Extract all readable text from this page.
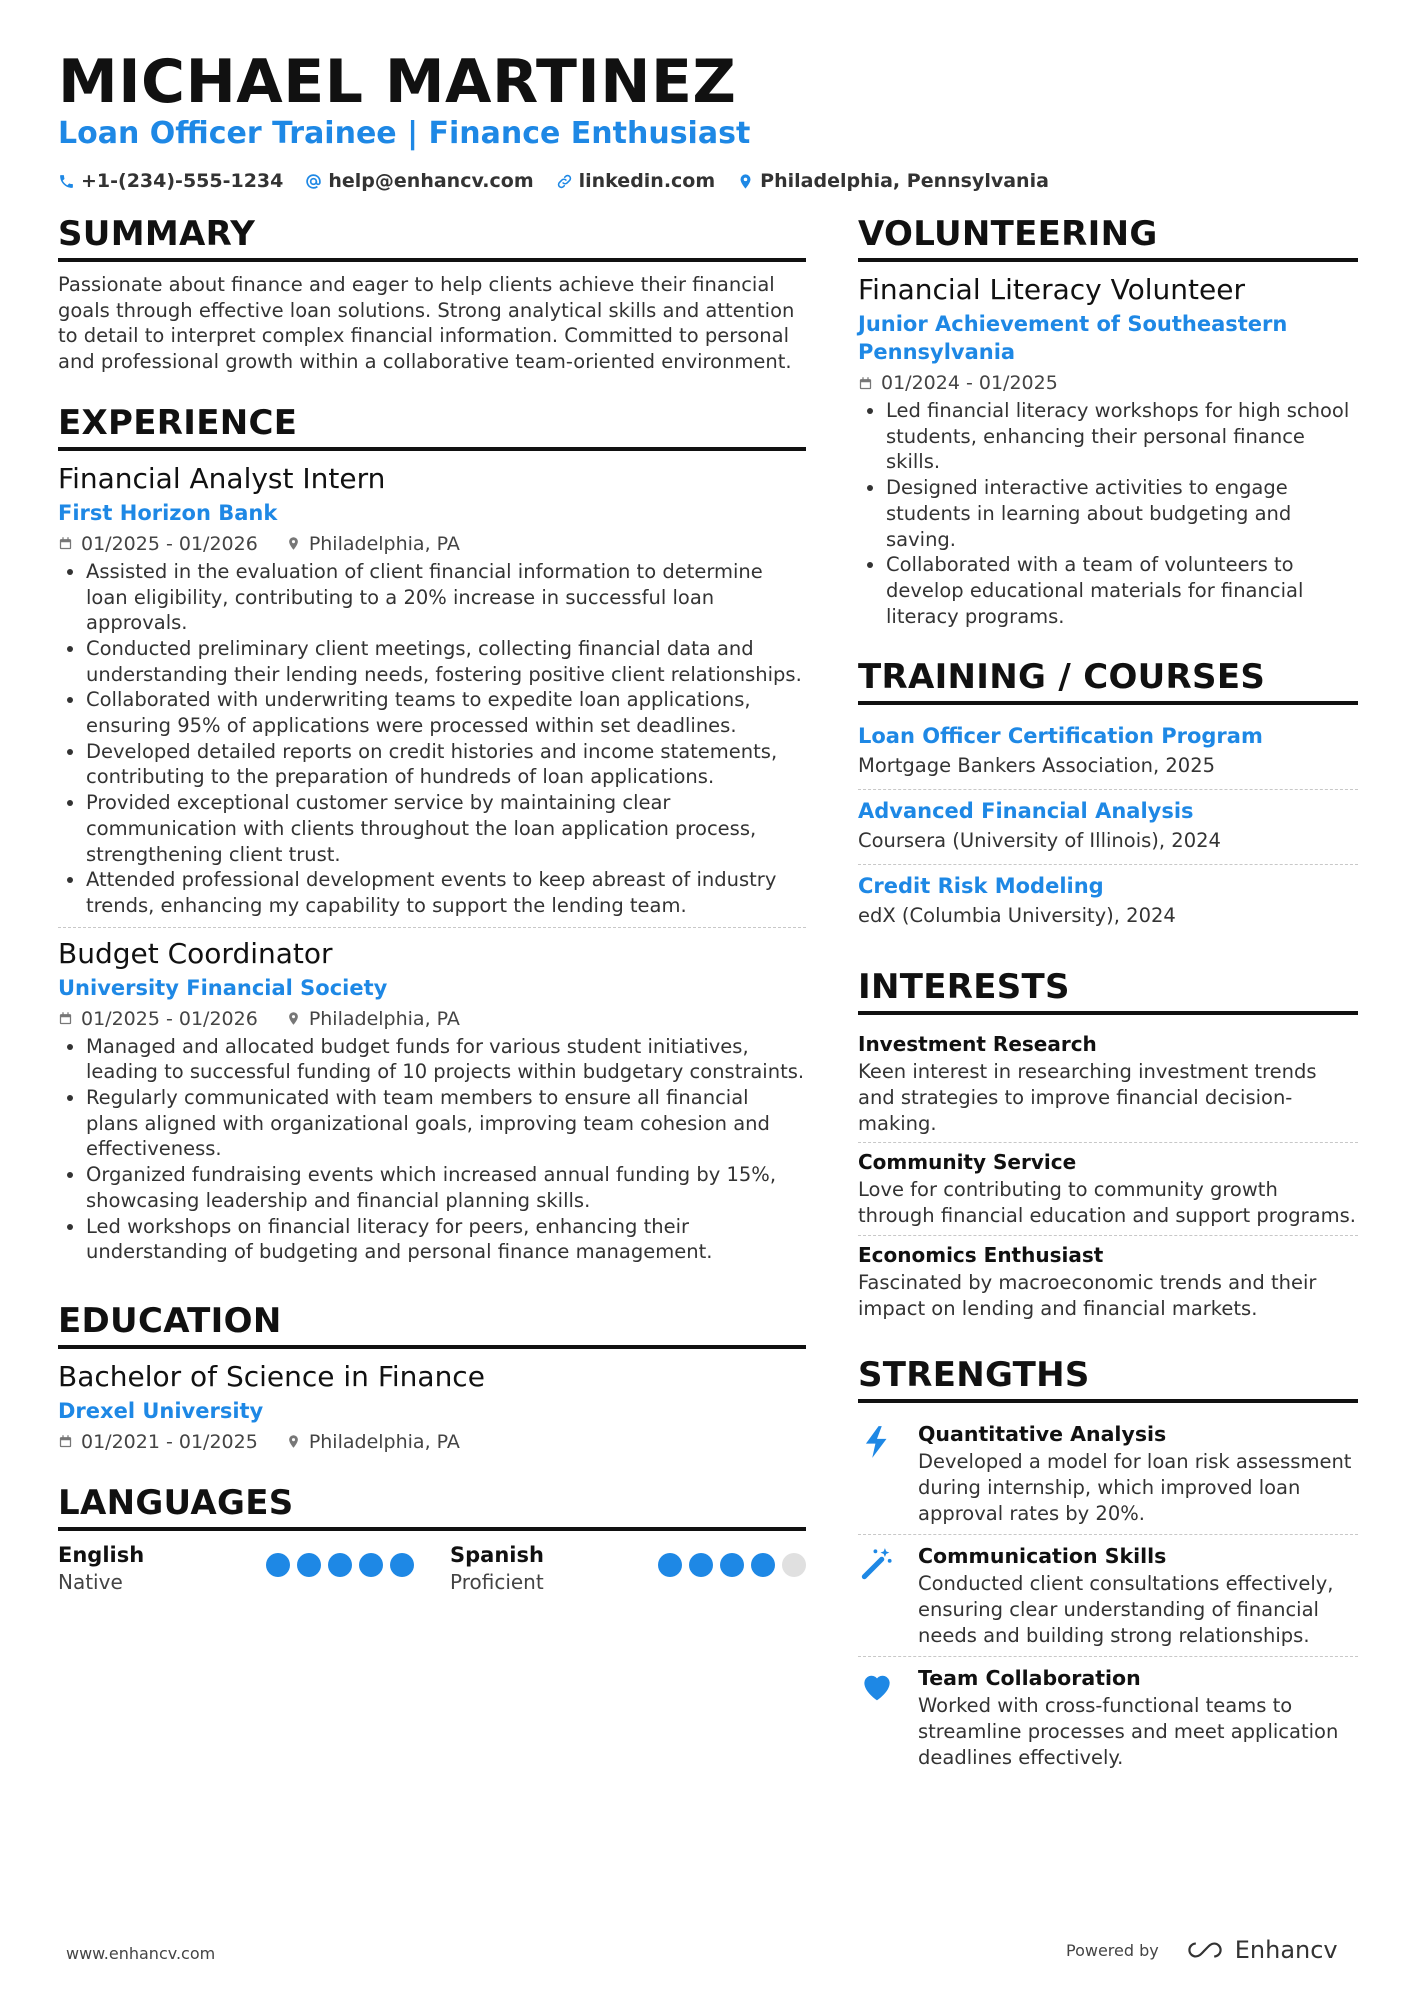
MICHAEL MARTINEZ
Loan Officer Trainee | Finance Enthusiast
+1-(234)-555-1234 help@enhancv.com linkedin.com Philadelphia, Pennsylvania
SUMMARY
Passionate about finance and eager to help clients achieve their financial goals through effective loan solutions. Strong analytical skills and attention to detail to interpret complex financial information. Committed to personal and professional growth within a collaborative team-oriented environment.
EXPERIENCE
Financial Analyst Intern
First Horizon Bank
01/2025 - 01/2026	Philadelphia, PA
• Assisted in the evaluation of client financial information to determine loan eligibility, contributing to a 20% increase in successful loan approvals.
• Conducted preliminary client meetings, collecting financial data and understanding their lending needs, fostering positive client relationships.
• Collaborated with underwriting teams to expedite loan applications, ensuring 95% of applications were processed within set deadlines.
• Developed detailed reports on credit histories and income statements, contributing to the preparation of hundreds of loan applications.
• Provided exceptional customer service by maintaining clear communication with clients throughout the loan application process, strengthening client trust.
• Attended professional development events to keep abreast of industry trends, enhancing my capability to support the lending team.
Budget Coordinator
University Financial Society
01/2025 - 01/2026	Philadelphia, PA
• Managed and allocated budget funds for various student initiatives, leading to successful funding of 10 projects within budgetary constraints.
• Regularly communicated with team members to ensure all financial plans aligned with organizational goals, improving team cohesion and effectiveness.
• Organized fundraising events which increased annual funding by 15%, showcasing leadership and financial planning skills.
• Led workshops on financial literacy for peers, enhancing their understanding of budgeting and personal finance management.
EDUCATION
Bachelor of Science in Finance
Drexel University
01/2021 - 01/2025	Philadelphia, PA
LANGUAGES
English
Native
Spanish
Proficient
VOLUNTEERING
Financial Literacy Volunteer
Junior Achievement of Southeastern Pennsylvania
01/2024 - 01/2025
• Led financial literacy workshops for high school students, enhancing their personal finance skills.
• Designed interactive activities to engage students in learning about budgeting and saving.
• Collaborated with a team of volunteers to develop educational materials for financial literacy programs.
TRAINING / COURSES
Loan Officer Certification Program
Mortgage Bankers Association, 2025
Advanced Financial Analysis
Coursera (University of Illinois), 2024
Credit Risk Modeling
edX (Columbia University), 2024
INTERESTS
Investment Research
Keen interest in researching investment trends and strategies to improve financial decision-making.
Community Service
Love for contributing to community growth through financial education and support programs.
Economics Enthusiast
Fascinated by macroeconomic trends and their impact on lending and financial markets.
STRENGTHS
Quantitative Analysis
Developed a model for loan risk assessment during internship, which improved loan approval rates by 20%.
Communication Skills
Conducted client consultations effectively, ensuring clear understanding of financial needs and building strong relationships.
Team Collaboration
Worked with cross-functional teams to streamline processes and meet application deadlines effectively.
www.enhancv.com	Powered by	Enhancv
